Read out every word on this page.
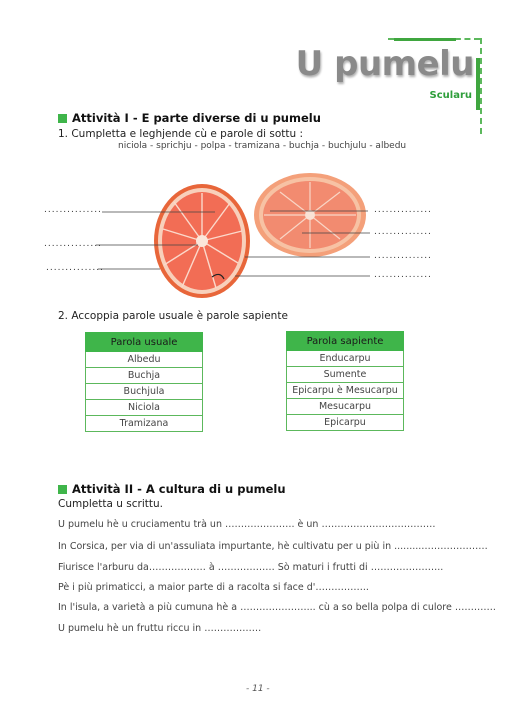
U pumelu
Scularu
Attività I - E parte diverse di u pumelu
1. Cumpletta e leghjende cù e parole di sottu :
niciola - sprichju - polpa - tramizana - buchja - buchjulu - albedu
...............
...............
...............
...............
...............
...............
...............
2. Accoppia parole usuale è parole sapiente
Parola usuale
Albedu
Buchja
Buchjula
Niciola
Tramizana
Parola sapiente
Enducarpu
Sumente
Epicarpu è Mesucarpu
Mesucarpu
Epicarpu
Attività II - A cultura di u pumelu
Cumpletta u scrittu.
U pumelu hè u cruciamentu trà un …………………. è un ………………………………
In Corsica, per via di un'assuliata impurtante, hè cultivatu per u più in .........…………………
Fiurisce l'arburu da……………… à ……………… Sò maturi i frutti di …………………..
Pè i più primaticci, a maior parte di a racolta si face d'……………..
In l'isula, a varietà a più cumuna hè a …………………... cù a so bella polpa di culore ………….
U pumelu hè un fruttu riccu in ………………
- 11 -
